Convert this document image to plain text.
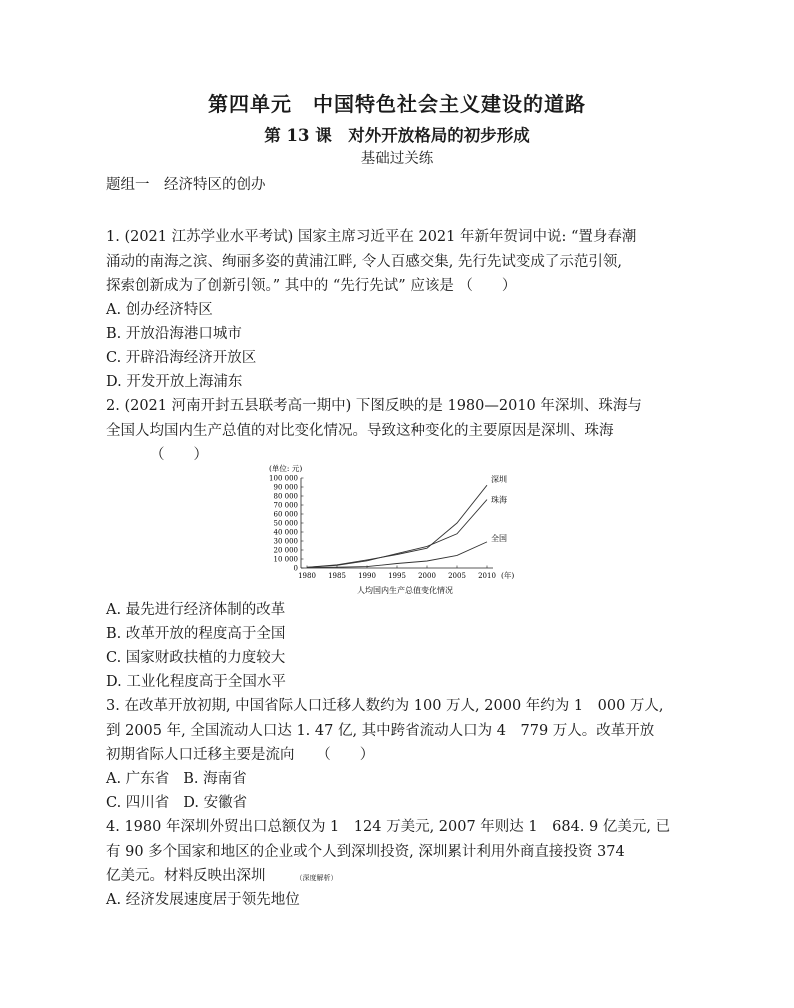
第四单元　中国特色社会主义建设的道路
第 13 课　对外开放格局的初步形成
基础过关练
题组一　经济特区的创办
1. (2021 江苏学业水平考试) 国家主席习近平在 2021 年新年贺词中说: “置身春潮
涌动的南海之滨、绚丽多姿的黄浦江畔, 令人百感交集, 先行先试变成了示范引领,
探索创新成为了创新引领。” 其中的 “先行先试” 应该是 （　　）
A. 创办经济特区
B. 开放沿海港口城市
C. 开辟沿海经济开放区
D. 开发开放上海浦东
2. (2021 河南开封五县联考高一期中) 下图反映的是 1980—2010 年深圳、珠海与
全国人均国内生产总值的对比变化情况。导致这种变化的主要原因是深圳、珠海
（　　）
(单位: 元)
100 000
90 000
80 000
70 000
60 000
50 000
40 000
30 000
20 000
10 000
0
1980 1985 1990 1995 2000 2005 2010 (年)
深圳
珠海
全国
人均国内生产总值变化情况
A. 最先进行经济体制的改革
B. 改革开放的程度高于全国
C. 国家财政扶植的力度较大
D. 工业化程度高于全国水平
3. 在改革开放初期, 中国省际人口迁移人数约为 100 万人, 2000 年约为 1　000 万人,
到 2005 年, 全国流动人口达 1. 47 亿, 其中跨省流动人口为 4　779 万人。改革开放
初期省际人口迁移主要是流向　　（　　）
A. 广东省 B. 海南省
C. 四川省 D. 安徽省
4. 1980 年深圳外贸出口总额仅为 1　124 万美元, 2007 年则达 1　684. 9 亿美元, 已
有 90 多个国家和地区的企业或个人到深圳投资, 深圳累计利用外商直接投资 374
亿美元。材料反映出深圳	（深度解析）
A. 经济发展速度居于领先地位
